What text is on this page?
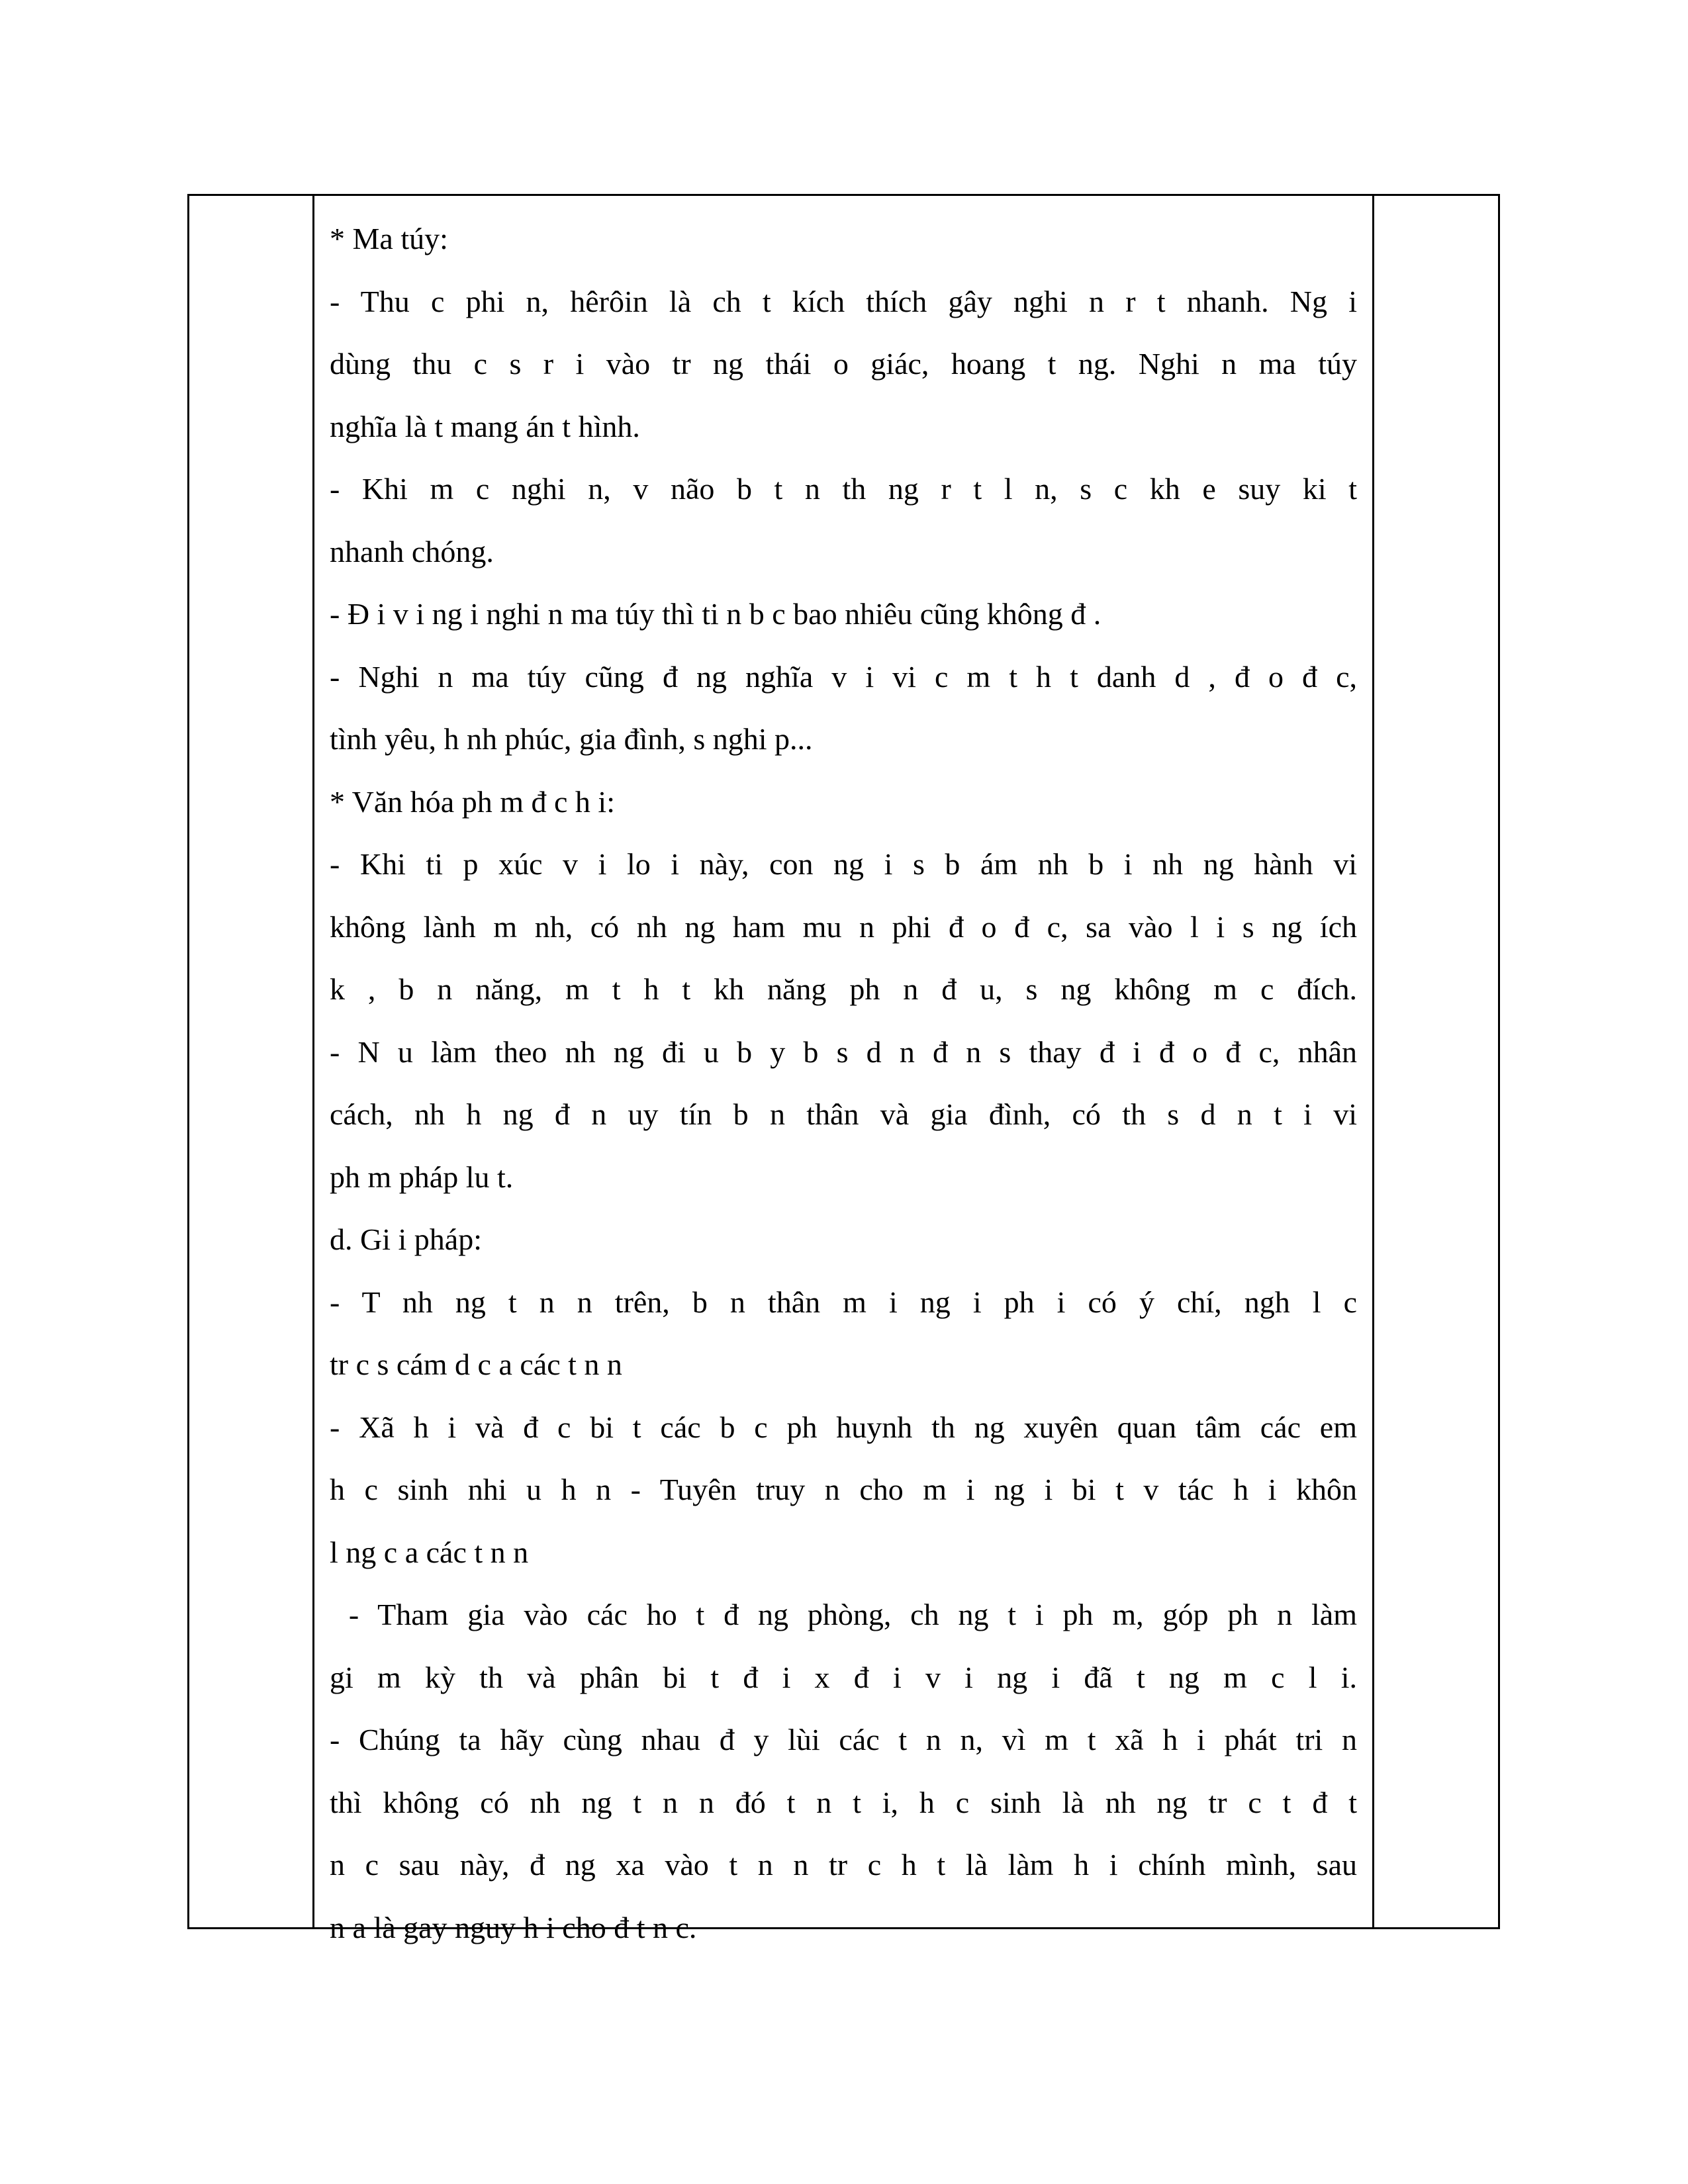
* Ma túy:
- Thu c phi n, hêrôin là ch t kích thích gây nghi n r t nhanh. Ng i
dùng thu c s r i vào tr ng thái o giác, hoang t ng. Nghi n ma túy
nghĩa là t mang án t hình.
- Khi m c nghi n, v não b t n th ng r t l n, s c kh e suy ki t
nhanh chóng.
- Đ i v i ng i nghi n ma túy thì ti n b c bao nhiêu cũng không đ .
- Nghi n ma túy cũng đ ng nghĩa v i vi c m t h t danh d , đ o đ c,
tình yêu, h nh phúc, gia đình, s nghi p...
* Văn hóa ph m đ c h i:
- Khi ti p xúc v i lo i này, con ng i s b ám nh b i nh ng hành vi
không lành m nh, có nh ng ham mu n phi đ o đ c, sa vào l i s ng ích
k , b n năng, m t h t kh năng ph n đ u, s ng không m c đích.
- N u làm theo nh ng đi u b y b s d n đ n s thay đ i đ o đ c, nhân
cách, nh h ng đ n uy tín b n thân và gia đình, có th s d n t i vi
ph m pháp lu t.
d. Gi i pháp:
- T nh ng t n n trên, b n thân m i ng i ph i có ý chí, ngh l c
tr c s cám d c a các t n n
- Xã h i và đ c bi t các b c ph huynh th ng xuyên quan tâm các em
h c sinh nhi u h n - Tuyên truy n cho m i ng i bi t v tác h i khôn
l ng c a các t n n
- Tham gia vào các ho t đ ng phòng, ch ng t i ph m, góp ph n làm
gi m kỳ th và phân bi t đ i x đ i v i ng i đã t ng m c l i.
- Chúng ta hãy cùng nhau đ y lùi các t n n, vì m t xã h i phát tri n
thì không có nh ng t n n đó t n t i, h c sinh là nh ng tr c t đ t
n c sau này, đ ng xa vào t n n tr c h t là làm h i chính mình, sau
n a là gay nguy h i cho đ t n c.
